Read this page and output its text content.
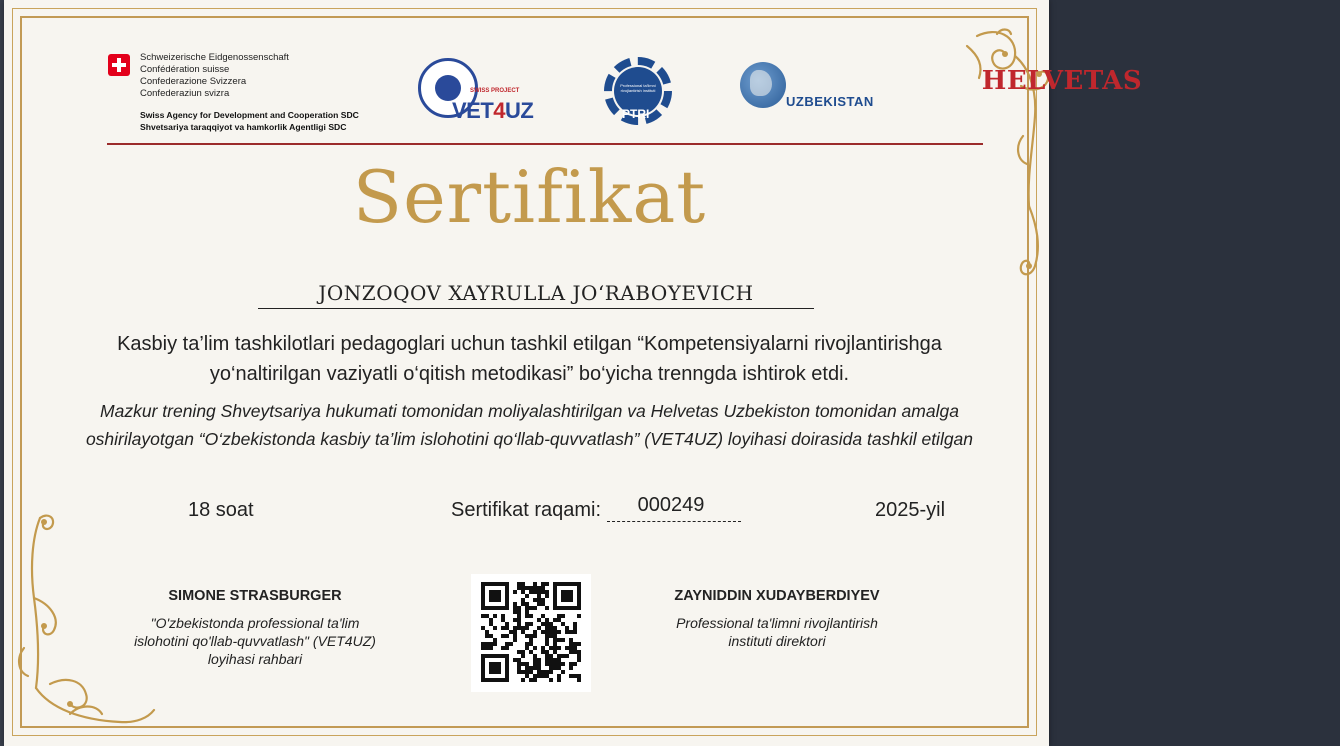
Schweizerische Eidgenossenschaft
Confédération suisse
Confederazione Svizzera
Confederaziun svizra
Swiss Agency for Development and Cooperation SDC
Shvetsariya taraqqiyot va hamkorlik Agentligi SDC
SWISS PROJECT
VET4UZ
Professional ta'limni rivojlantirish instituti
PTRI
HELVETAS
UZBEKISTAN
Sertifikat
JONZOQOV XAYRULLA JO‘RABOYEVICH
Kasbiy ta’lim tashkilotlari pedagoglari uchun tashkil etilgan “Kompetensiyalarni rivojlantirishga yo‘naltirilgan vaziyatli o‘qitish metodikasi” bo‘yicha trenngda ishtirok etdi.
Mazkur trening Shveytsariya hukumati tomonidan moliyalashtirilgan va Helvetas Uzbekiston tomonidan amalga oshirilayotgan “O‘zbekistonda kasbiy ta’lim islohotini qo‘llab-quvvatlash” (VET4UZ) loyihasi doirasida tashkil etilgan
18 soat	Sertifikat raqami: 000249	2025-yil
SIMONE STRASBURGER
"O'zbekistonda professional ta'lim
islohotini qo'llab-quvvatlash" (VET4UZ)
loyihasi rahbari
ZAYNIDDIN XUDAYBERDIYEV
Professional ta'limni rivojlantirish
instituti direktori
